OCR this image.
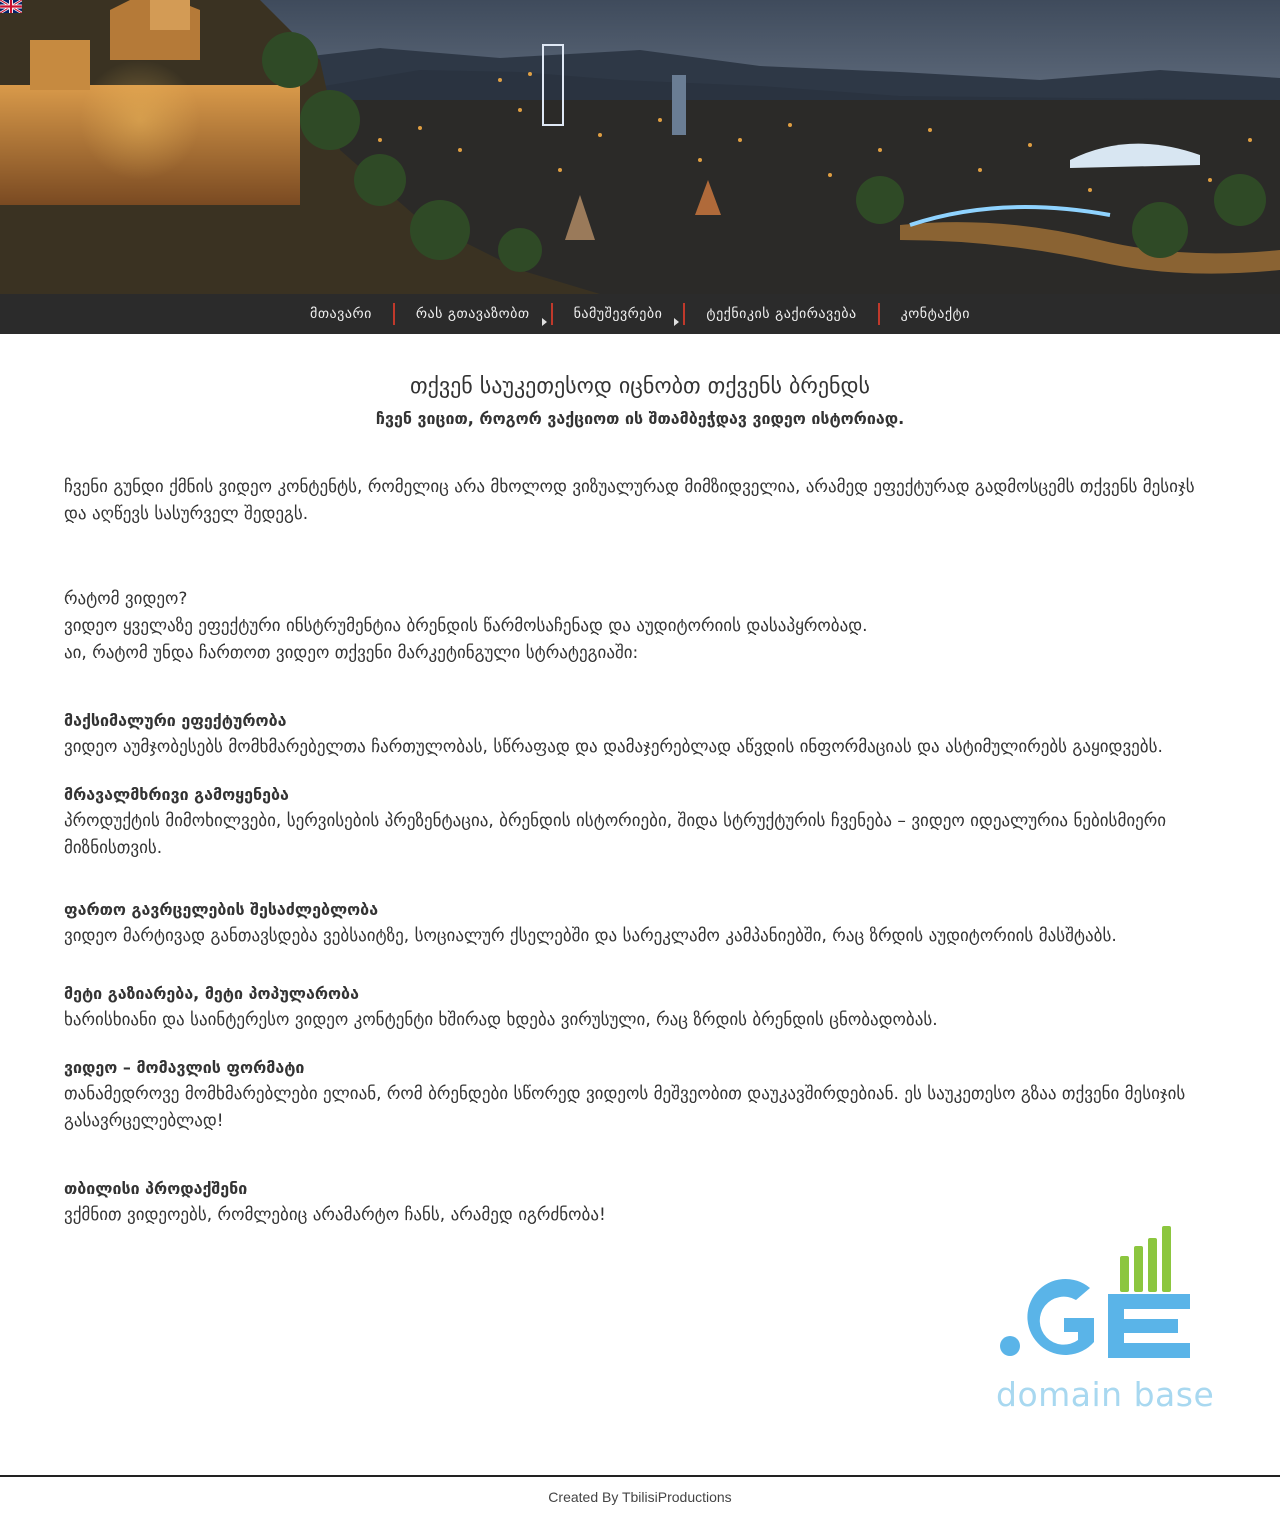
მთავარი	რას გთავაზობთ	ნამუშევრები	ტექნიკის გაქირავება	კონტაქტი
თქვენ საუკეთესოდ იცნობთ თქვენს ბრენდს
ჩვენ ვიცით, როგორ ვაქციოთ ის შთამბეჭდავ ვიდეო ისტორიად.

ჩვენი გუნდი ქმნის ვიდეო კონტენტს, რომელიც არა მხოლოდ ვიზუალურად მიმზიდველია, არამედ ეფექტურად გადმოსცემს თქვენს მესიჯს და აღწევს სასურველ შედეგს.

რატომ ვიდეო?
ვიდეო ყველაზე ეფექტური ინსტრუმენტია ბრენდის წარმოსაჩენად და აუდიტორიის დასაპყრობად.
აი, რატომ უნდა ჩართოთ ვიდეო თქვენი მარკეტინგული სტრატეგიაში:
მაქსიმალური ეფექტურობა
ვიდეო აუმჯობესებს მომხმარებელთა ჩართულობას, სწრაფად და დამაჯერებლად აწვდის ინფორმაციას და ასტიმულირებს გაყიდვებს.
მრავალმხრივი გამოყენება
პროდუქტის მიმოხილვები, სერვისების პრეზენტაცია, ბრენდის ისტორიები, შიდა სტრუქტურის ჩვენება – ვიდეო იდეალურია ნებისმიერი მიზნისთვის.
ფართო გავრცელების შესაძლებლობა
ვიდეო მარტივად განთავსდება ვებსაიტზე, სოციალურ ქსელებში და სარეკლამო კამპანიებში, რაც ზრდის აუდიტორიის მასშტაბს.
მეტი გაზიარება, მეტი პოპულარობა
ხარისხიანი და საინტერესო ვიდეო კონტენტი ხშირად ხდება ვირუსული, რაც ზრდის ბრენდის ცნობადობას.
ვიდეო – მომავლის ფორმატი
თანამედროვე მომხმარებლები ელიან, რომ ბრენდები სწორედ ვიდეოს მეშვეობით დაუკავშირდებიან. ეს საუკეთესო გზაა თქვენი მესიჯის გასავრცელებლად!
თბილისი პროდაქშენი
ვქმნით ვიდეოებს, რომლებიც არამარტო ჩანს, არამედ იგრძნობა!
domain base
Created By TbilisiProductions
